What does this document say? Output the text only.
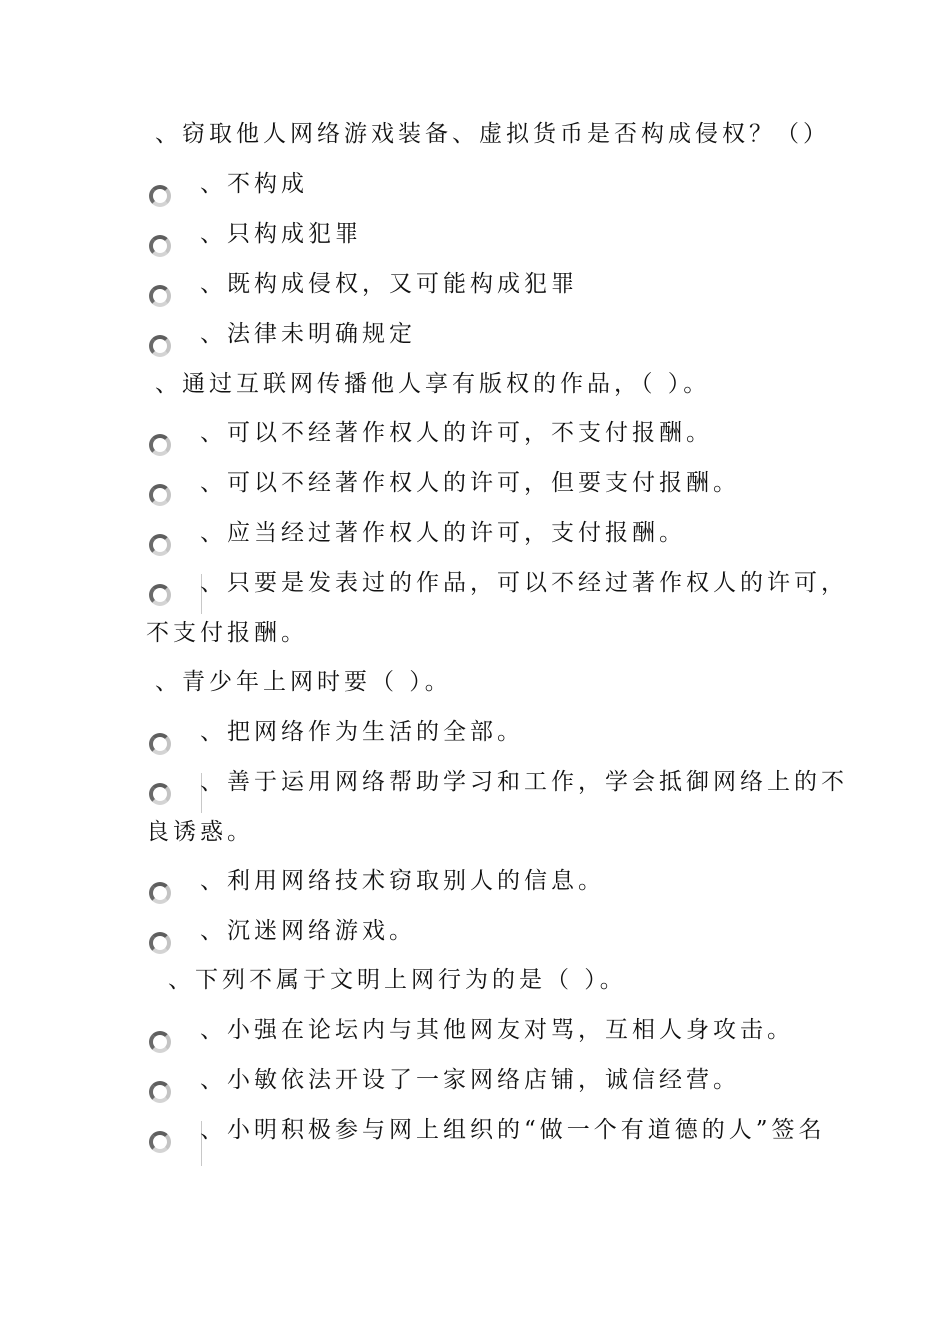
、窃取他人网络游戏装备、虚拟货币是否构成侵权？（）
、不构成
、只构成犯罪
、既构成侵权，又可能构成犯罪
、法律未明确规定
、通过互联网传播他人享有版权的作品，（ ）。
、可以不经著作权人的许可，不支付报酬。
、可以不经著作权人的许可，但要支付报酬。
、应当经过著作权人的许可，支付报酬。
、只要是发表过的作品，可以不经过著作权人的许可，
不支付报酬。
、青少年上网时要（ ）。
、把网络作为生活的全部。
、善于运用网络帮助学习和工作，学会抵御网络上的不
良诱惑。
、利用网络技术窃取别人的信息。
、沉迷网络游戏。
、下列不属于文明上网行为的是（ ）。
、小强在论坛内与其他网友对骂，互相人身攻击。
、小敏依法开设了一家网络店铺，诚信经营。
、小明积极参与网上组织的“做一个有道德的人”签名
